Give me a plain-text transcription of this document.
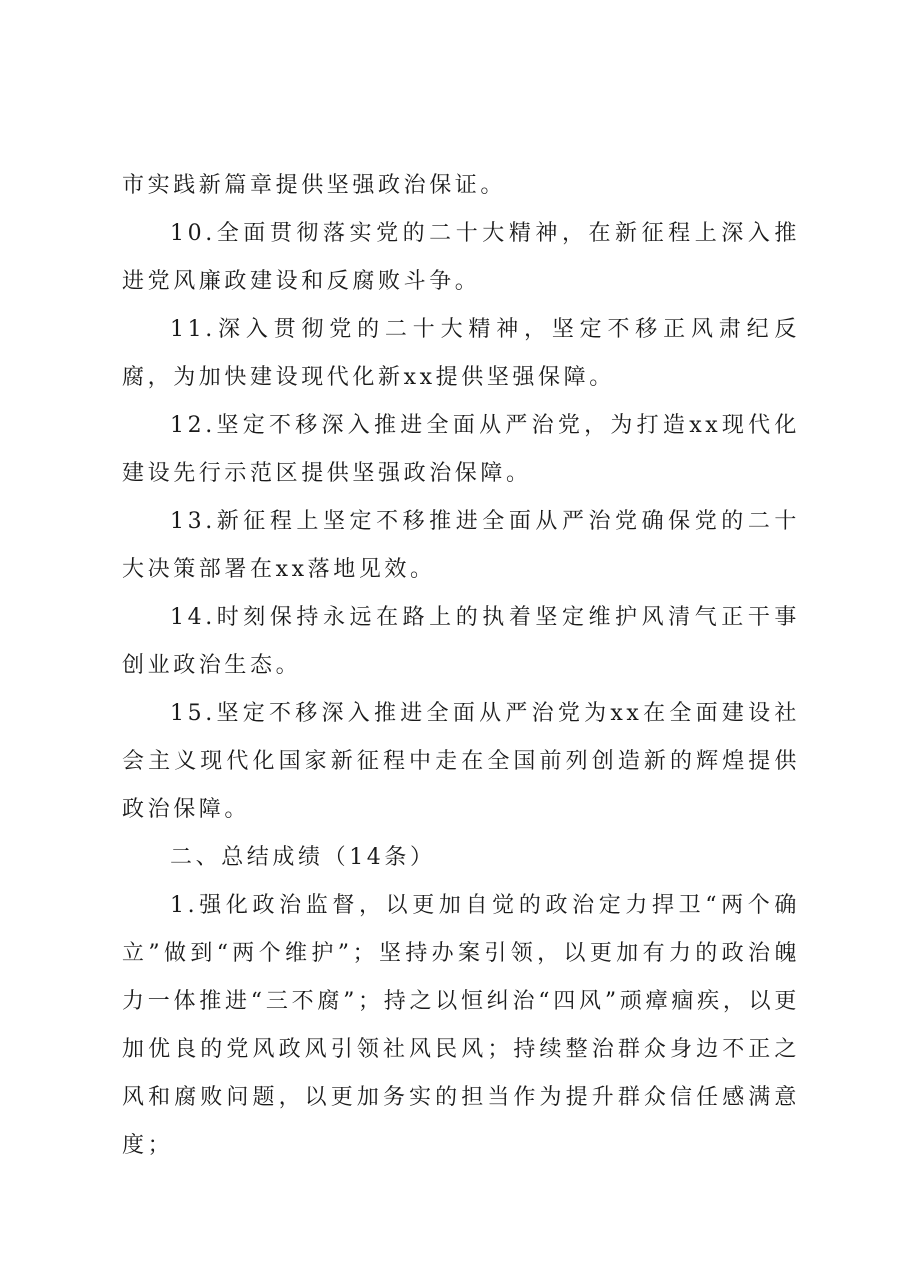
市实践新篇章提供坚强政治保证。

10.全面贯彻落实党的二十大精神，在新征程上深入推进党风廉政建设和反腐败斗争。

11.深入贯彻党的二十大精神，坚定不移正风肃纪反腐，为加快建设现代化新xx提供坚强保障。

12.坚定不移深入推进全面从严治党，为打造xx现代化建设先行示范区提供坚强政治保障。

13.新征程上坚定不移推进全面从严治党确保党的二十大决策部署在xx落地见效。

14.时刻保持永远在路上的执着坚定维护风清气正干事创业政治生态。

15.坚定不移深入推进全面从严治党为xx在全面建设社会主义现代化国家新征程中走在全国前列创造新的辉煌提供政治保障。

二、总结成绩（14条）

1.强化政治监督，以更加自觉的政治定力捍卫“两个确立”做到“两个维护”；坚持办案引领，以更加有力的政治魄力一体推进“三不腐”；持之以恒纠治“四风”顽瘴痼疾，以更加优良的党风政风引领社风民风；持续整治群众身边不正之风和腐败问题，以更加务实的担当作为提升群众信任感满意度；
